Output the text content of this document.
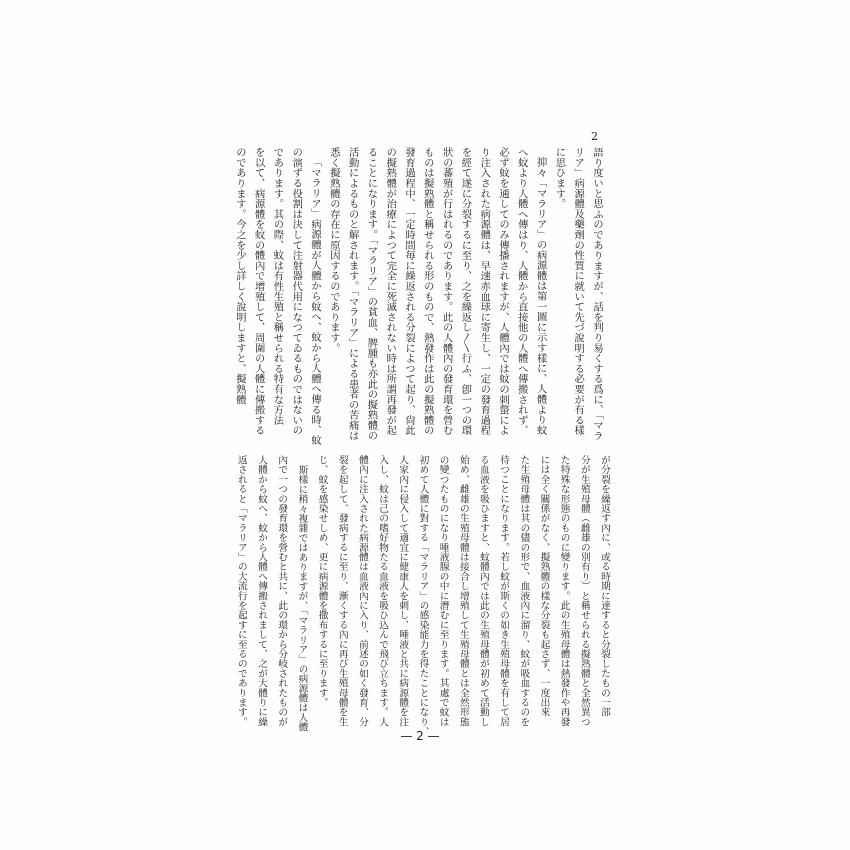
2
語り度いと思ふのでありますが、話を判り易くする爲に、「マラ
リア」病源體及藥劑の性質に就いて先づ說明する必要が有る樣
に思ひます。
抑々「マラリア」の病源體は第一圖に示す樣に、人體より蚊
へ蚊より人體へ傳はり、人體から直接他の人體へ傳搬されず、
必ず蚊を通してのみ傳播されますが、人體內では蚊の刺螫によ
り注入された病源體は、早速赤血球に寄生し、一定の發育過程
を經て遂に分裂するに至り、之を繰返し〳〵行ふ、卽一つの環
狀の蕃殖が行はれるのであります。此の人體內の發育環を營む
ものは擬熟體と稱せられる形のもので、熱發作は此の擬熟體の
發育過程中、一定時間毎に繰返される分裂によつて起り、尙此
の擬熟體が治療によつて完全に死滅されない時は所謂再發が起
ることになります。「マラリア」の貧血、脾腫も亦此の擬熟體の
活動によるものと解されます。「マラリア」による患者の苦痛は
悉く擬熟體の存在に原因するのであります。
「マラリア」病源體が人體から蚊へ、蚊から人體へ傳る時、蚊
の演ずる役割は決して注射器代用になつてゐるものではないの
であります。其の際、蚊は有性生殖と稱せられる特有な方法
を以て、病源體を蚊の體內で增殖して、周圍の人體に傳搬する
のであります。今之を少し詳しく說明しますと、擬熟體
が分裂を繰返す內に、或る時期に達すると分裂したもの一部
分が生殖母體（雌雄の別有り）と稱せられる擬熟體と全然異つ
た特殊な形態のものに變ります。此の生殖母體は熱發作や再發
には全く關係がなく、擬熟體の樣な分裂も起さず、一度出來
た生殖母體は其の儘の形で、血液內に溜り、蚊が吸血するのを
待つことになります。若し蚊が斯くの如き生殖母體を有して居
る血液を吸ひますと、蚊體內では此の生殖母體が初めて活動し
始め、雌雄の生殖母體は接合し增殖して生殖母體とは全然形態
の變つたものになり唾液腺の中に潛むに至ります。其處で蚊は
初めて人體に對する「マラリア」の感染能力を得たことになり、
人家內に侵入して適宜に健康人を刺し、唾液と共に病源體を注
入し、蚊は己の嗜好物たる血液を吸ひ込んで飛び立ちます。人
體內に注入された病源體は血液內に入り、前述の如く發育、分
裂を起して、發病するに至り、漸くする內に再び生殖母體を生
じ、蚊を感染せしめ、更に病源體を撒布するに至ります。
斯樣に稍々複雜ではありますが、「マラリア」の病源體は人體
內で一つの發育環を營むと共に、此の環から分岐されたものが
人體から蚊へ、蚊から人體へ傳搬されまして、之が大體りに繰
返されると「マラリア」の大流行を起すに至るのであります。
— 2 —
